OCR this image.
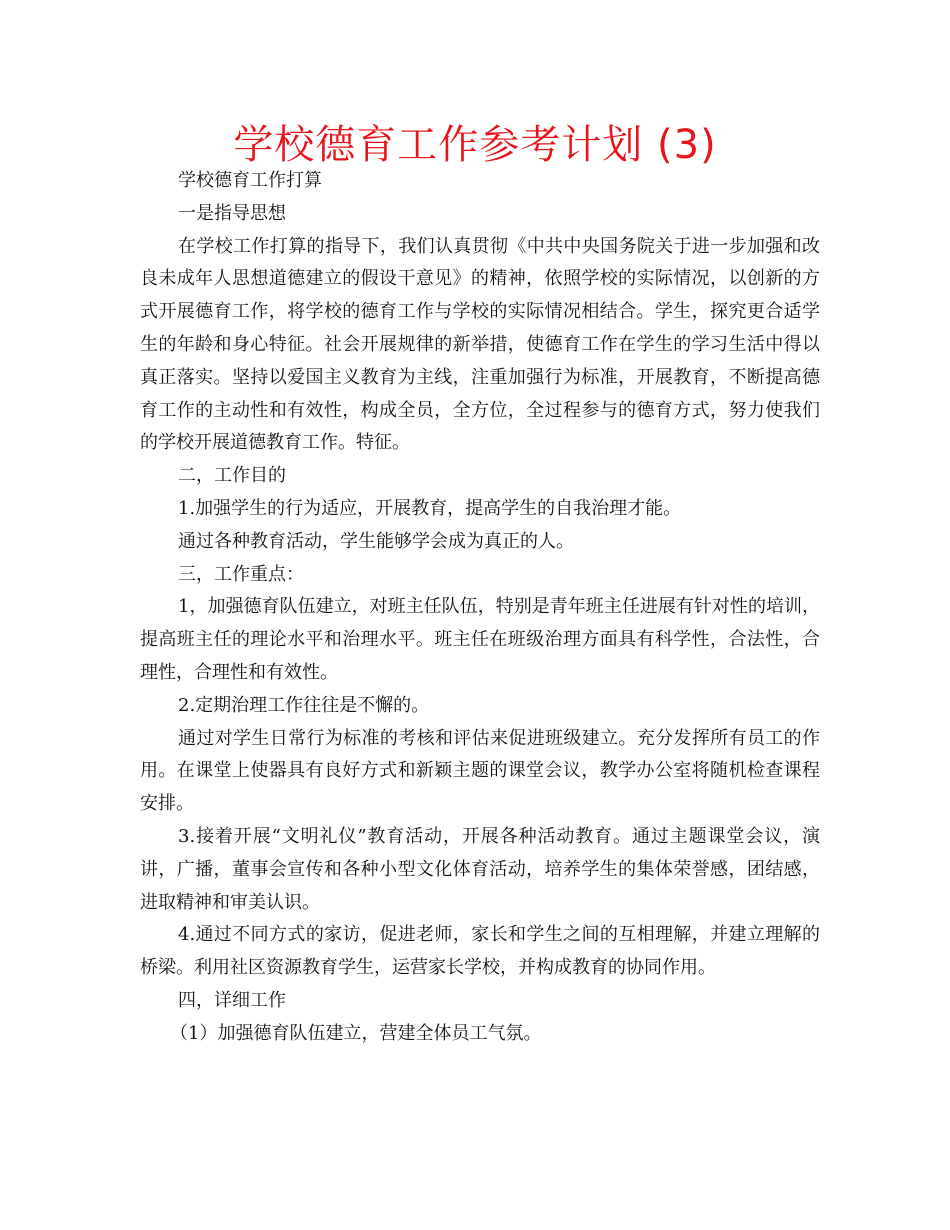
学校德育工作参考计划 (3)

学校德育工作打算

一是指导思想

在学校工作打算的指导下，我们认真贯彻《中共中央国务院关于进一步加强和改良未成年人思想道德建立的假设干意见》的精神，依照学校的实际情况，以创新的方式开展德育工作，将学校的德育工作与学校的实际情况相结合。学生，探究更合适学生的年龄和身心特征。社会开展规律的新举措，使德育工作在学生的学习生活中得以真正落实。坚持以爱国主义教育为主线，注重加强行为标准，开展教育，不断提高德育工作的主动性和有效性，构成全员，全方位，全过程参与的德育方式，努力使我们的学校开展道德教育工作。特征。

二，工作目的

1.加强学生的行为适应，开展教育，提高学生的自我治理才能。

通过各种教育活动，学生能够学会成为真正的人。

三，工作重点：

1，加强德育队伍建立，对班主任队伍，特别是青年班主任进展有针对性的培训，提高班主任的理论水平和治理水平。班主任在班级治理方面具有科学性，合法性，合理性，合理性和有效性。

2.定期治理工作往往是不懈的。

通过对学生日常行为标准的考核和评估来促进班级建立。充分发挥所有员工的作用。在课堂上使器具有良好方式和新颖主题的课堂会议，教学办公室将随机检查课程安排。

3.接着开展“文明礼仪”教育活动，开展各种活动教育。通过主题课堂会议，演讲，广播，董事会宣传和各种小型文化体育活动，培养学生的集体荣誉感，团结感，进取精神和审美认识。

4.通过不同方式的家访，促进老师，家长和学生之间的互相理解，并建立理解的桥梁。利用社区资源教育学生，运营家长学校，并构成教育的协同作用。

四，详细工作

（1）加强德育队伍建立，营建全体员工气氛。
